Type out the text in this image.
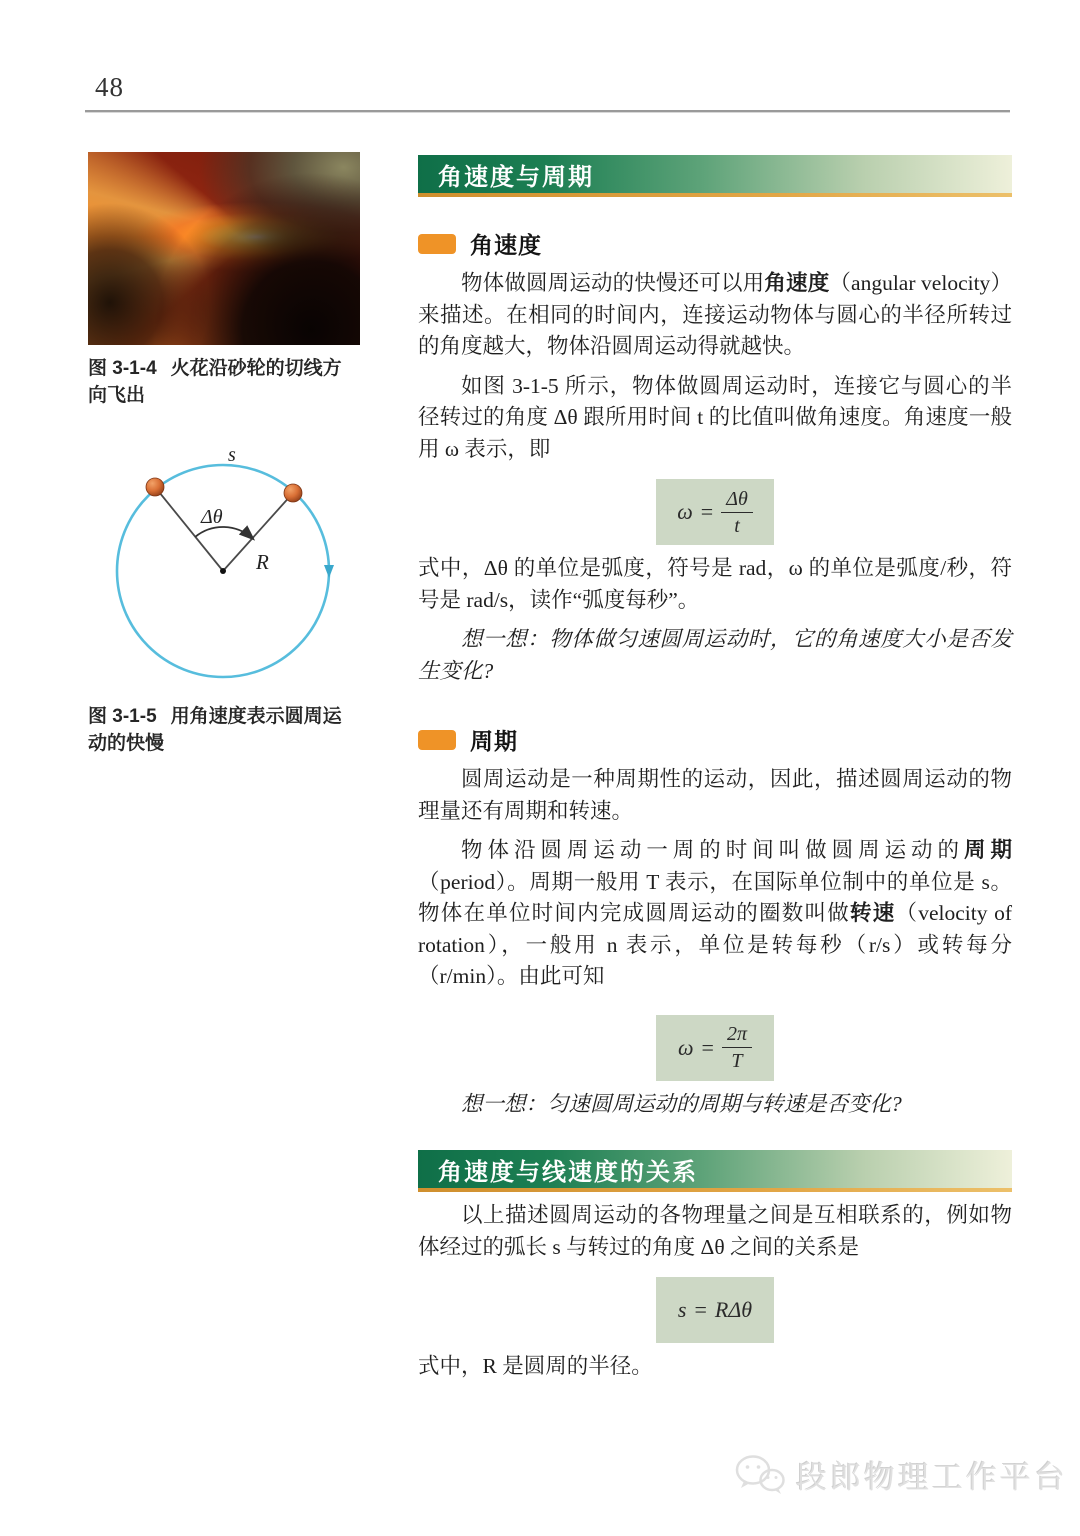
48

图 3-1-4 火花沿砂轮的切线方向飞出

s
Δθ
R

图 3-1-5 用角速度表示圆周运动的快慢

角速度与周期
角速度

物体做圆周运动的快慢还可以用角速度（angular velocity）来描述。在相同的时间内，连接运动物体与圆心的半径所转过的角度越大，物体沿圆周运动得就越快。

如图 3-1-5 所示，物体做圆周运动时，连接它与圆心的半径转过的角度 Δθ 跟所用时间 t 的比值叫做角速度。角速度一般用 ω 表示，即

$\omega = \frac{\Delta\theta}{t}$

式中，Δθ 的单位是弧度，符号是 rad，ω 的单位是弧度/秒，符号是 rad/s，读作“弧度每秒”。

想一想：物体做匀速圆周运动时，它的角速度大小是否发生变化?

周期

圆周运动是一种周期性的运动，因此，描述圆周运动的物理量还有周期和转速。

物体沿圆周运动一周的时间叫做圆周运动的周期（period）。周期一般用 T 表示，在国际单位制中的单位是 s。物体在单位时间内完成圆周运动的圈数叫做转速（velocity of rotation），一般用 n 表示，单位是转每秒（r/s）或转每分（r/min）。由此可知

$\omega = \frac{2\pi}{T}$

想一想：匀速圆周运动的周期与转速是否变化?

角速度与线速度的关系

以上描述圆周运动的各物理量之间是互相联系的，例如物体经过的弧长 s 与转过的角度 Δθ 之间的关系是

s = RΔθ

式中，R 是圆周的半径。

段郎物理工作平台
